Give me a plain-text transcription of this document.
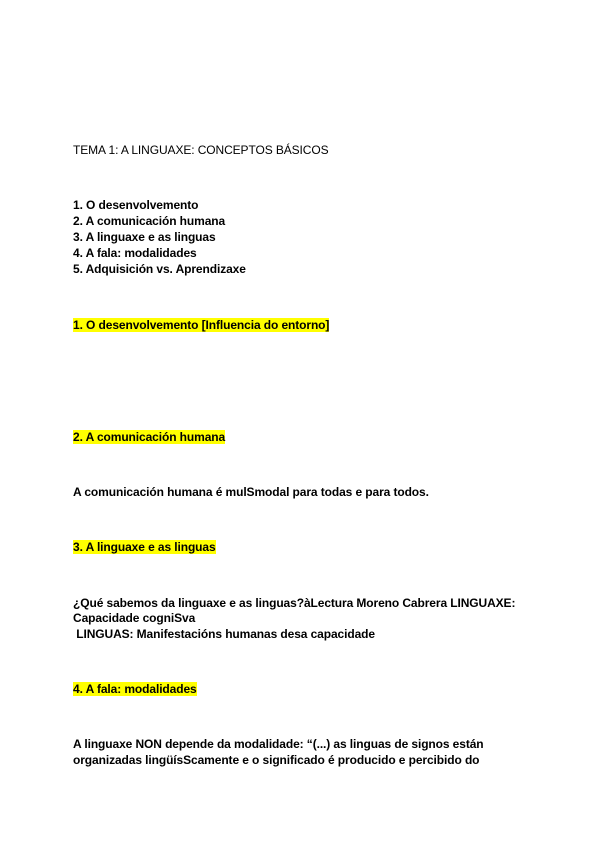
TEMA 1: A LINGUAXE: CONCEPTOS BÁSICOS
1. O desenvolvemento
2. A comunicación humana
3. A linguaxe e as linguas
4. A fala: modalidades
5. Adquisición vs. Aprendizaxe
1. O desenvolvemento [Influencia do entorno]
2. A comunicación humana
A comunicación humana é mulSmodal para todas e para todos.
3. A linguaxe e as linguas
¿Qué sabemos da linguaxe e as linguas?àLectura Moreno Cabrera LINGUAXE:
Capacidade cogniSva
LINGUAS: Manifestacións humanas desa capacidade
4. A fala: modalidades
A linguaxe NON depende da modalidade: “(...) as linguas de signos están
organizadas lingüísScamente e o significado é producido e percibido do
